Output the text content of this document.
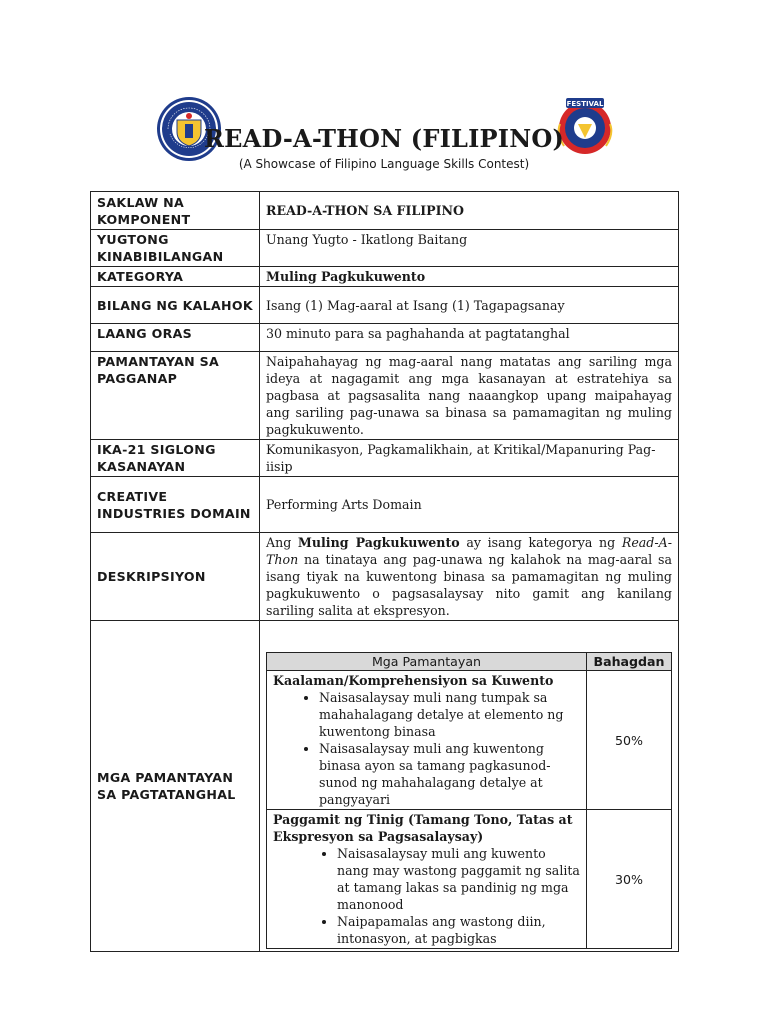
FESTIVAL
READ-A-THON (FILIPINO)
(A Showcase of Filipino Language Skills Contest)
SAKLAW NA KOMPONENT	READ-A-THON SA FILIPINO
YUGTONG KINABIBILANGAN	Unang Yugto - Ikatlong Baitang
KATEGORYA	Muling Pagkukuwento
BILANG NG KALAHOK	Isang (1) Mag-aaral at Isang (1) Tagapagsanay
LAANG ORAS	30 minuto para sa paghahanda at pagtatanghal
PAMANTAYAN SA PAGGANAP	Naipahahayag ng mag-aaral nang matatas ang sariling mga ideya at nagagamit ang mga kasanayan at estratehiya sa pagbasa at pagsasalita nang naaangkop upang maipahayag ang sariling pag-unawa sa binasa sa pamamagitan ng muling pagkukuwento.
IKA-21 SIGLONG KASANAYAN	Komunikasyon, Pagkamalikhain, at Kritikal/Mapanuring Pag-iisip
CREATIVE INDUSTRIES DOMAIN	Performing Arts Domain
DESKRIPSIYON	Ang Muling Pagkukuwento ay isang kategorya ng Read-A-Thon na tinataya ang pag-unawa ng kalahok na mag-aaral sa isang tiyak na kuwentong binasa sa pamamagitan ng muling pagkukuwento o pagsasalaysay nito gamit ang kanilang sariling salita at ekspresyon.
MGA PAMANTAYAN SA PAGTATANGHAL	
Mga Pamantayan	Bahagdan

Kaalaman/Komprehensiyon sa Kuwento
• Naisasalaysay muli nang tumpak sa mahahalagang detalye at elemento ng kuwentong binasa
• Naisasalaysay muli ang kuwentong binasa ayon sa tamang pagkasunod-sunod ng mahahalagang detalye at pangyayari
	50%

Paggamit ng Tinig (Tamang Tono, Tatas at Ekspresyon sa Pagsasalaysay)
• Naisasalaysay muli ang kuwento nang may wastong paggamit ng salita at tamang lakas sa pandinig ng mga manonood
• Naipapamalas ang wastong diin, intonasyon, at pagbigkas
	30%
